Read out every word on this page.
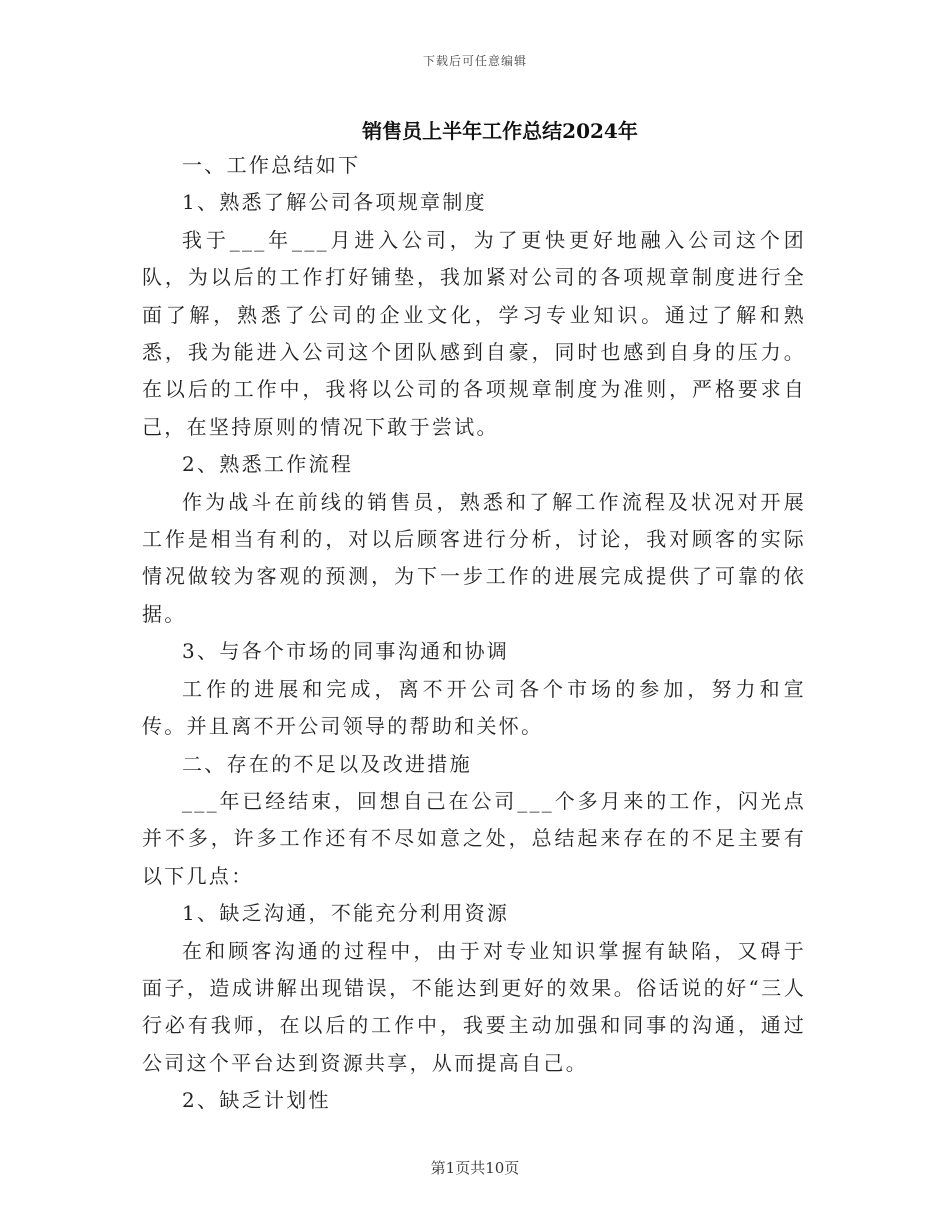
下载后可任意编辑
销售员上半年工作总结2024年

一、工作总结如下

1、熟悉了解公司各项规章制度

我于___年___月进入公司，为了更快更好地融入公司这个团队，为以后的工作打好铺垫，我加紧对公司的各项规章制度进行全面了解，熟悉了公司的企业文化，学习专业知识。通过了解和熟悉，我为能进入公司这个团队感到自豪，同时也感到自身的压力。在以后的工作中，我将以公司的各项规章制度为准则，严格要求自己，在坚持原则的情况下敢于尝试。

2、熟悉工作流程

作为战斗在前线的销售员，熟悉和了解工作流程及状况对开展工作是相当有利的，对以后顾客进行分析，讨论，我对顾客的实际情况做较为客观的预测，为下一步工作的进展完成提供了可靠的依据。

3、与各个市场的同事沟通和协调

工作的进展和完成，离不开公司各个市场的参加，努力和宣传。并且离不开公司领导的帮助和关怀。

二、存在的不足以及改进措施

___年已经结束，回想自己在公司___个多月来的工作，闪光点并不多，许多工作还有不尽如意之处，总结起来存在的不足主要有以下几点：

1、缺乏沟通，不能充分利用资源

在和顾客沟通的过程中，由于对专业知识掌握有缺陷，又碍于面子，造成讲解出现错误，不能达到更好的效果。俗话说的好“三人行必有我师，在以后的工作中，我要主动加强和同事的沟通，通过公司这个平台达到资源共享，从而提高自己。

2、缺乏计划性

第1页共10页
